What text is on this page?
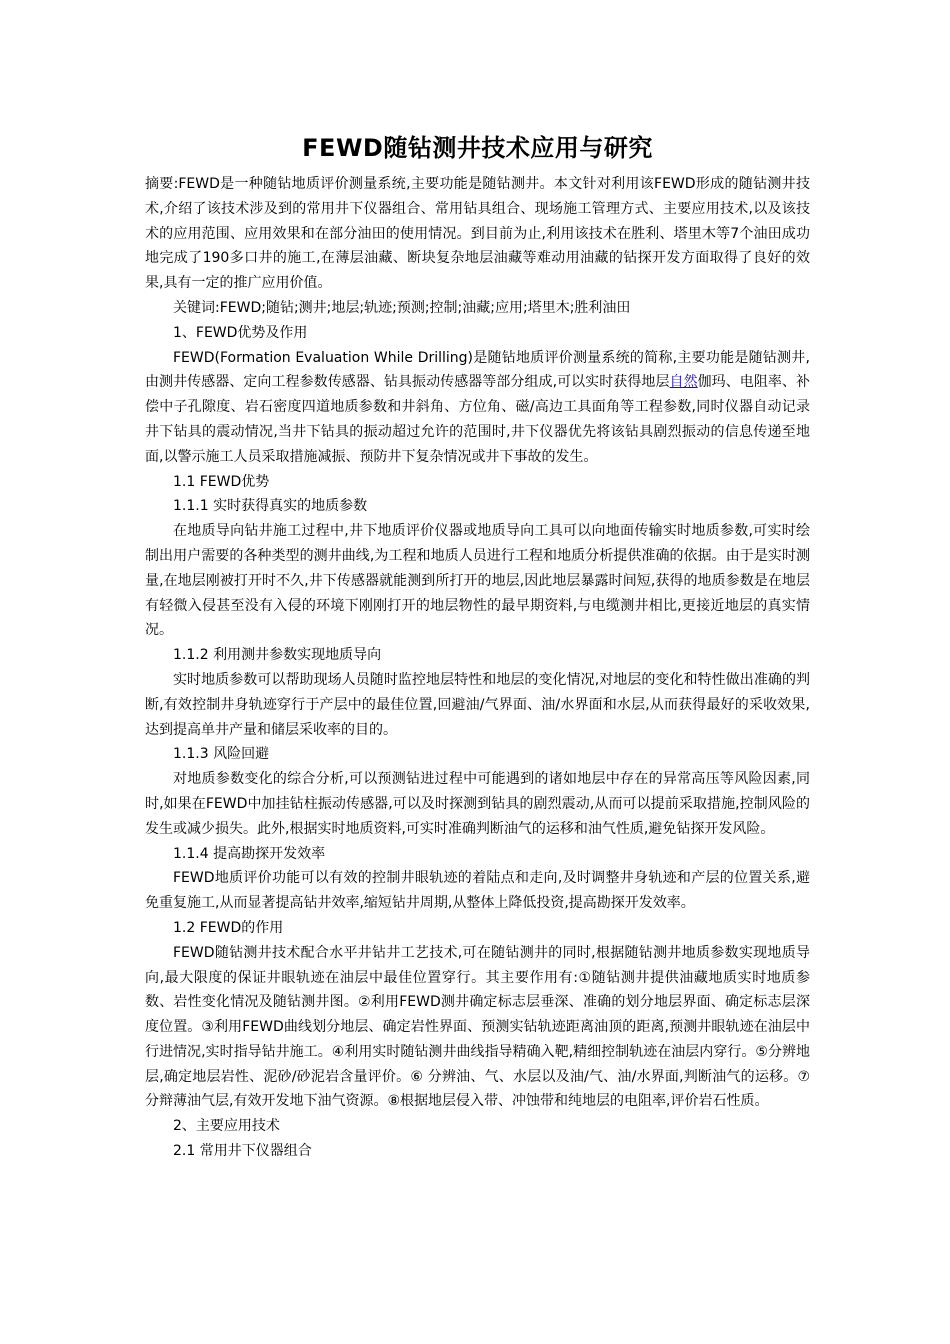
FEWD随钻测井技术应用与研究

摘要:FEWD是一种随钻地质评价测量系统,主要功能是随钻测井。本文针对利用该FEWD形成的随钻测井技术,介绍了该技术涉及到的常用井下仪器组合、常用钻具组合、现场施工管理方式、主要应用技术,以及该技术的应用范围、应用效果和在部分油田的使用情况。到目前为止,利用该技术在胜利、塔里木等7个油田成功地完成了190多口井的施工,在薄层油藏、断块复杂地层油藏等难动用油藏的钻探开发方面取得了良好的效果,具有一定的推广应用价值。

关键词:FEWD;随钻;测井;地层;轨迹;预测;控制;油藏;应用;塔里木;胜利油田

1、FEWD优势及作用

FEWD(Formation Evaluation While Drilling)是随钻地质评价测量系统的简称,主要功能是随钻测井,由测井传感器、定向工程参数传感器、钻具振动传感器等部分组成,可以实时获得地层自然伽玛、电阻率、补偿中子孔隙度、岩石密度四道地质参数和井斜角、方位角、磁/高边工具面角等工程参数,同时仪器自动记录井下钻具的震动情况,当井下钻具的振动超过允许的范围时,井下仪器优先将该钻具剧烈振动的信息传递至地面,以警示施工人员采取措施减振、预防井下复杂情况或井下事故的发生。

1.1 FEWD优势

1.1.1 实时获得真实的地质参数

在地质导向钻井施工过程中,井下地质评价仪器或地质导向工具可以向地面传输实时地质参数,可实时绘制出用户需要的各种类型的测井曲线,为工程和地质人员进行工程和地质分析提供准确的依据。由于是实时测量,在地层刚被打开时不久,井下传感器就能测到所打开的地层,因此地层暴露时间短,获得的地质参数是在地层有轻微入侵甚至没有入侵的环境下刚刚打开的地层物性的最早期资料,与电缆测井相比,更接近地层的真实情况。

1.1.2 利用测井参数实现地质导向

实时地质参数可以帮助现场人员随时监控地层特性和地层的变化情况,对地层的变化和特性做出准确的判断,有效控制井身轨迹穿行于产层中的最佳位置,回避油/气界面、油/水界面和水层,从而获得最好的采收效果,达到提高单井产量和储层采收率的目的。

1.1.3 风险回避

对地质参数变化的综合分析,可以预测钻进过程中可能遇到的诸如地层中存在的异常高压等风险因素,同时,如果在FEWD中加挂钻柱振动传感器,可以及时探测到钻具的剧烈震动,从而可以提前采取措施,控制风险的发生或减少损失。此外,根据实时地质资料,可实时准确判断油气的运移和油气性质,避免钻探开发风险。

1.1.4 提高勘探开发效率

FEWD地质评价功能可以有效的控制井眼轨迹的着陆点和走向,及时调整井身轨迹和产层的位置关系,避免重复施工,从而显著提高钻井效率,缩短钻井周期,从整体上降低投资,提高勘探开发效率。

1.2 FEWD的作用

FEWD随钻测井技术配合水平井钻井工艺技术,可在随钻测井的同时,根据随钻测井地质参数实现地质导向,最大限度的保证井眼轨迹在油层中最佳位置穿行。其主要作用有:①随钻测井提供油藏地质实时地质参数、岩性变化情况及随钻测井图。②利用FEWD测井确定标志层垂深、准确的划分地层界面、确定标志层深度位置。③利用FEWD曲线划分地层、确定岩性界面、预测实钻轨迹距离油顶的距离,预测井眼轨迹在油层中行进情况,实时指导钻井施工。④利用实时随钻测井曲线指导精确入靶,精细控制轨迹在油层内穿行。⑤分辨地层,确定地层岩性、泥砂/砂泥岩含量评价。⑥ 分辨油、气、水层以及油/气、油/水界面,判断油气的运移。⑦分辩薄油气层,有效开发地下油气资源。⑧根据地层侵入带、冲蚀带和纯地层的电阻率,评价岩石性质。

2、主要应用技术

2.1 常用井下仪器组合
